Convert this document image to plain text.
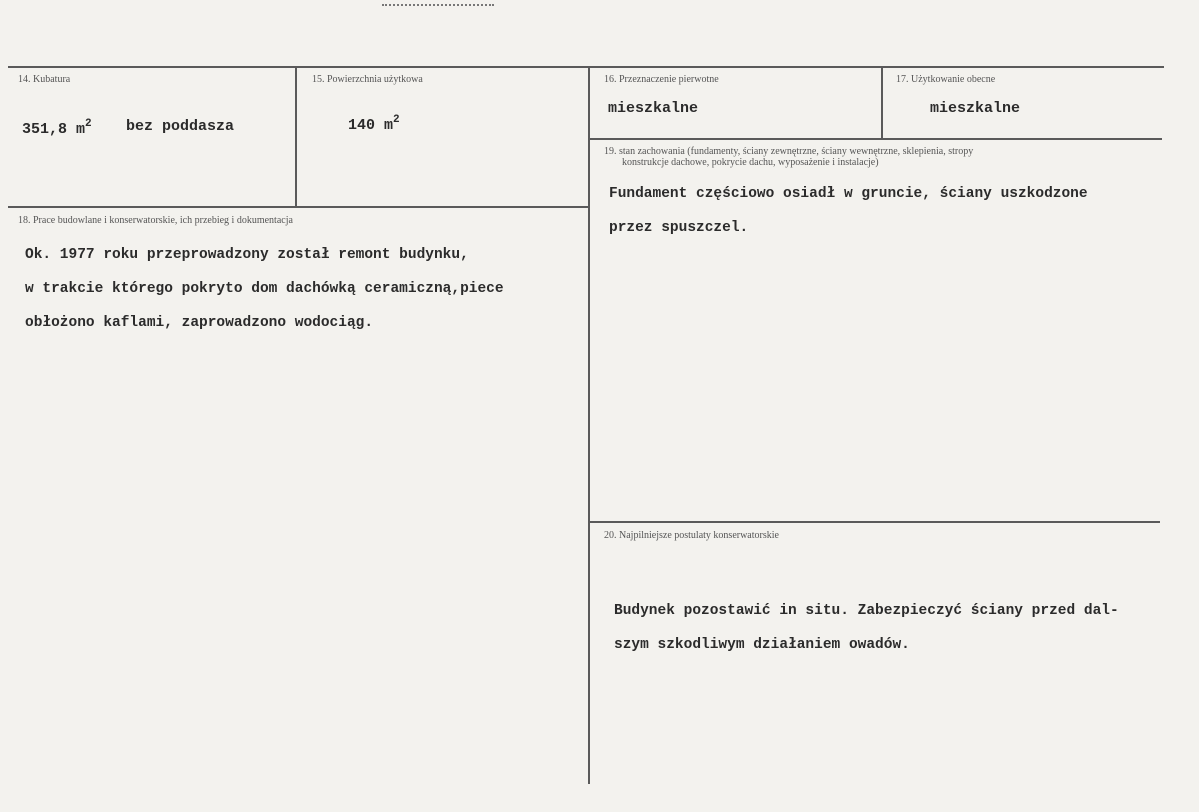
14. Kubatura
351,8 $m^2$ bez poddasza
15. Powierzchnia użytkowa
140 $m^2$
16. Przeznaczenie pierwotne
mieszkalne
17. Użytkowanie obecne
mieszkalne
18. Prace budowlane i konserwatorskie, ich przebieg i dokumentacja
Ok. 1977 roku przeprowadzony został remont budynku,
w trakcie którego pokryto dom dachówką ceramiczną,piece
obłożono kaflami, zaprowadzono wodociąg.
19. stan zachowania (fundamenty, ściany zewnętrzne, ściany wewnętrzne, sklepienia, stropy
konstrukcje dachowe, pokrycie dachu, wyposażenie i instalacje)
Fundament częściowo osiadł w gruncie, ściany uszkodzone
przez spuszczel.
20. Najpilniejsze postulaty konserwatorskie
Budynek pozostawić in situ. Zabezpieczyć ściany przed dal-
szym szkodliwym działaniem owadów.
